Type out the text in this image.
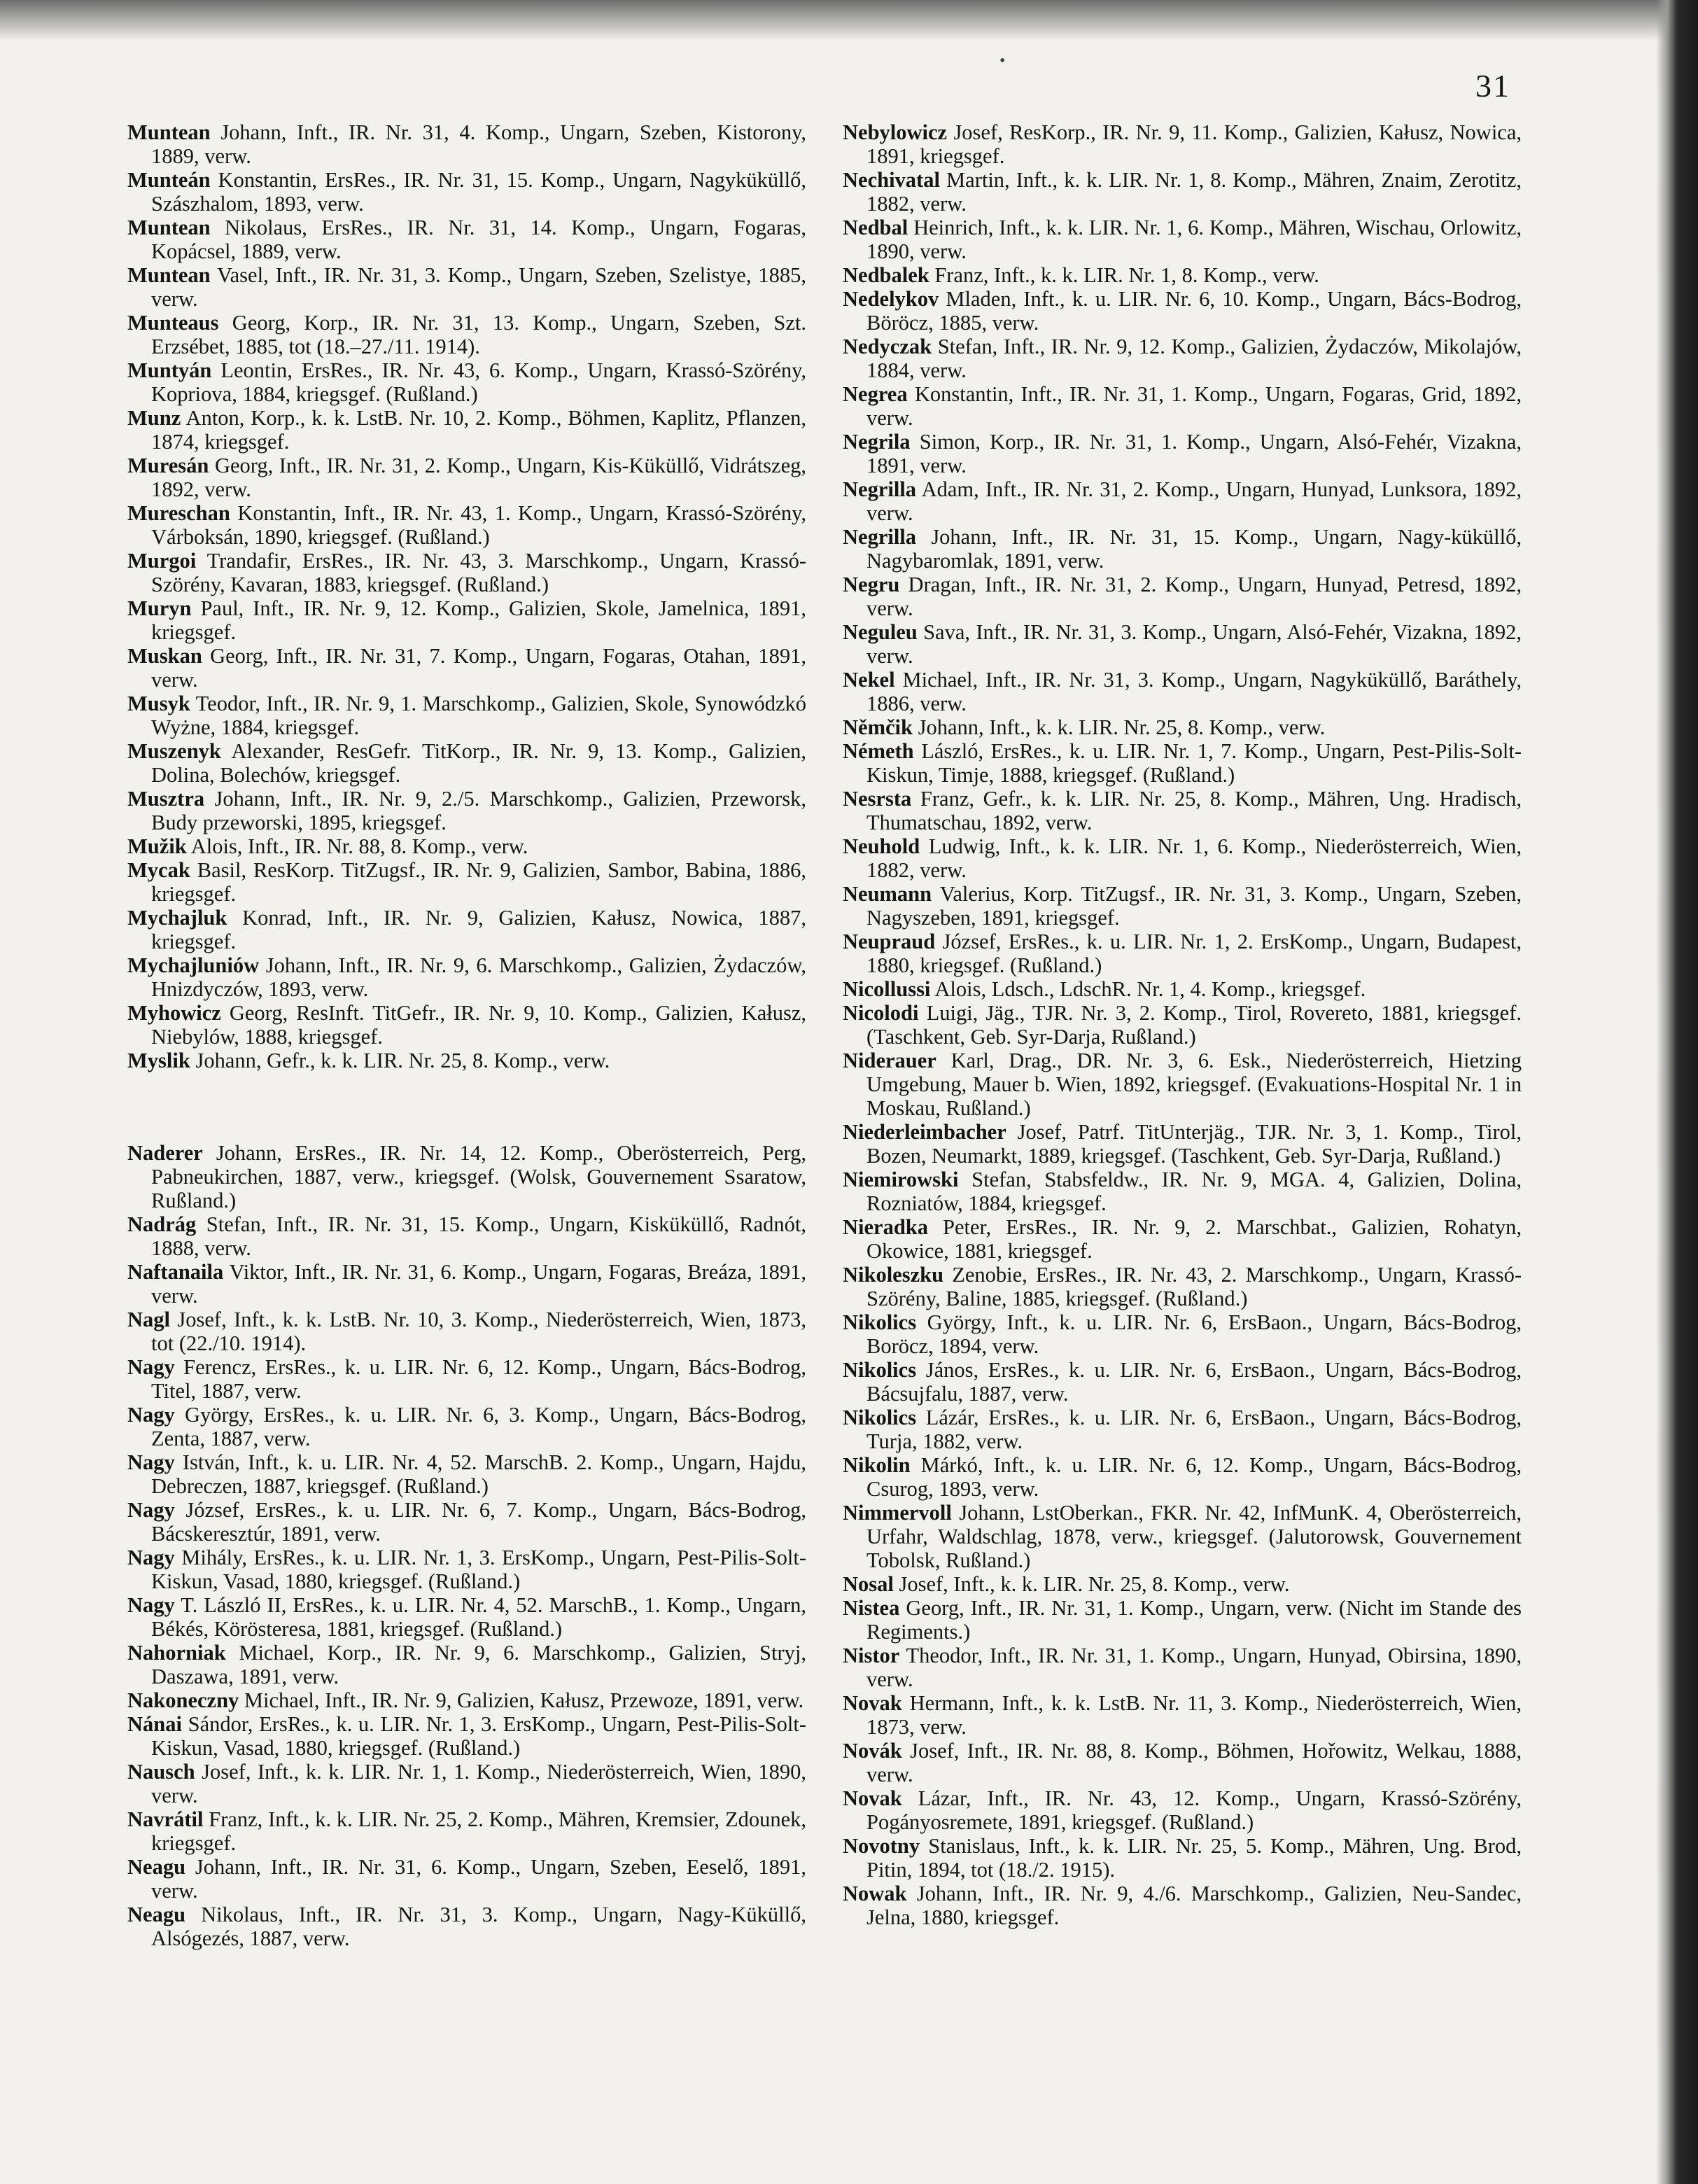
•
31

Muntean Johann, Inft., IR. Nr. 31, 4. Komp., Ungarn, Szeben, Kistorony, 1889, verw.

Munteán Konstantin, ErsRes., IR. Nr. 31, 15. Komp., Ungarn, Nagyküküllő, Szászhalom, 1893, verw.

Muntean Nikolaus, ErsRes., IR. Nr. 31, 14. Komp., Ungarn, Fogaras, Kopácsel, 1889, verw.

Muntean Vasel, Inft., IR. Nr. 31, 3. Komp., Ungarn, Szeben, Szelistye, 1885, verw.

Munteaus Georg, Korp., IR. Nr. 31, 13. Komp., Ungarn, Szeben, Szt. Erzsébet, 1885, tot (18.–27./11. 1914).

Muntyán Leontin, ErsRes., IR. Nr. 43, 6. Komp., Ungarn, Krassó-Szörény, Kopriova, 1884, kriegsgef. (Rußland.)

Munz Anton, Korp., k. k. LstB. Nr. 10, 2. Komp., Böhmen, Kaplitz, Pflanzen, 1874, kriegsgef.

Muresán Georg, Inft., IR. Nr. 31, 2. Komp., Ungarn, Kis-Küküllő, Vidrátszeg, 1892, verw.

Mureschan Konstantin, Inft., IR. Nr. 43, 1. Komp., Ungarn, Krassó-Szörény, Várboksán, 1890, kriegsgef. (Rußland.)

Murgoi Trandafir, ErsRes., IR. Nr. 43, 3. Marschkomp., Ungarn, Krassó-Szörény, Kavaran, 1883, kriegsgef. (Rußland.)

Muryn Paul, Inft., IR. Nr. 9, 12. Komp., Galizien, Skole, Jamelnica, 1891, kriegsgef.

Muskan Georg, Inft., IR. Nr. 31, 7. Komp., Ungarn, Fogaras, Otahan, 1891, verw.

Musyk Teodor, Inft., IR. Nr. 9, 1. Marschkomp., Galizien, Skole, Synowódzkó Wyżne, 1884, kriegsgef.

Muszenyk Alexander, ResGefr. TitKorp., IR. Nr. 9, 13. Komp., Galizien, Dolina, Bolechów, kriegsgef.

Musztra Johann, Inft., IR. Nr. 9, 2./5. Marschkomp., Galizien, Przeworsk, Budy przeworski, 1895, kriegsgef.

Mužik Alois, Inft., IR. Nr. 88, 8. Komp., verw.

Mycak Basil, ResKorp. TitZugsf., IR. Nr. 9, Galizien, Sambor, Babina, 1886, kriegsgef.

Mychajluk Konrad, Inft., IR. Nr. 9, Galizien, Kałusz, Nowica, 1887, kriegsgef.

Mychajluniów Johann, Inft., IR. Nr. 9, 6. Marschkomp., Galizien, Żydaczów, Hnizdyczów, 1893, verw.

Myhowicz Georg, ResInft. TitGefr., IR. Nr. 9, 10. Komp., Galizien, Kałusz, Niebylów, 1888, kriegsgef.

Myslik Johann, Gefr., k. k. LIR. Nr. 25, 8. Komp., verw.

Naderer Johann, ErsRes., IR. Nr. 14, 12. Komp., Oberösterreich, Perg, Pabneukirchen, 1887, verw., kriegsgef. (Wolsk, Gouvernement Ssaratow, Rußland.)

Nadrág Stefan, Inft., IR. Nr. 31, 15. Komp., Ungarn, Kisküküllő, Radnót, 1888, verw.

Naftanaila Viktor, Inft., IR. Nr. 31, 6. Komp., Ungarn, Fogaras, Breáza, 1891, verw.

Nagl Josef, Inft., k. k. LstB. Nr. 10, 3. Komp., Niederösterreich, Wien, 1873, tot (22./10. 1914).

Nagy Ferencz, ErsRes., k. u. LIR. Nr. 6, 12. Komp., Ungarn, Bács-Bodrog, Titel, 1887, verw.

Nagy György, ErsRes., k. u. LIR. Nr. 6, 3. Komp., Ungarn, Bács-Bodrog, Zenta, 1887, verw.

Nagy István, Inft., k. u. LIR. Nr. 4, 52. MarschB. 2. Komp., Ungarn, Hajdu, Debreczen, 1887, kriegsgef. (Rußland.)

Nagy József, ErsRes., k. u. LIR. Nr. 6, 7. Komp., Ungarn, Bács-Bodrog, Bácskeresztúr, 1891, verw.

Nagy Mihály, ErsRes., k. u. LIR. Nr. 1, 3. ErsKomp., Ungarn, Pest-Pilis-Solt-Kiskun, Vasad, 1880, kriegsgef. (Rußland.)

Nagy T. László II, ErsRes., k. u. LIR. Nr. 4, 52. MarschB., 1. Komp., Ungarn, Békés, Körösteresa, 1881, kriegsgef. (Rußland.)

Nahorniak Michael, Korp., IR. Nr. 9, 6. Marschkomp., Galizien, Stryj, Daszawa, 1891, verw.

Nakonecznу Michael, Inft., IR. Nr. 9, Galizien, Kałusz, Przewoze, 1891, verw.

Nánai Sándor, ErsRes., k. u. LIR. Nr. 1, 3. ErsKomp., Ungarn, Pest-Pilis-Solt-Kiskun, Vasad, 1880, kriegsgef. (Rußland.)

Nausch Josef, Inft., k. k. LIR. Nr. 1, 1. Komp., Niederösterreich, Wien, 1890, verw.

Navrátil Franz, Inft., k. k. LIR. Nr. 25, 2. Komp., Mähren, Kremsier, Zdounek, kriegsgef.

Neagu Johann, Inft., IR. Nr. 31, 6. Komp., Ungarn, Szeben, Eeselő, 1891, verw.

Neagu Nikolaus, Inft., IR. Nr. 31, 3. Komp., Ungarn, Nagy-Küküllő, Alsógezés, 1887, verw.

Nebylowicz Josef, ResKorp., IR. Nr. 9, 11. Komp., Galizien, Kałusz, Nowica, 1891, kriegsgef.

Nechivatal Martin, Inft., k. k. LIR. Nr. 1, 8. Komp., Mähren, Znaim, Zerotitz, 1882, verw.

Nedbal Heinrich, Inft., k. k. LIR. Nr. 1, 6. Komp., Mähren, Wischau, Orlowitz, 1890, verw.

Nedbalek Franz, Inft., k. k. LIR. Nr. 1, 8. Komp., verw.

Nedelykov Mladen, Inft., k. u. LIR. Nr. 6, 10. Komp., Ungarn, Bács-Bodrog, Böröcz, 1885, verw.

Nedyczak Stefan, Inft., IR. Nr. 9, 12. Komp., Galizien, Żydaczów, Mikolajów, 1884, verw.

Negrea Konstantin, Inft., IR. Nr. 31, 1. Komp., Ungarn, Fogaras, Grid, 1892, verw.

Negrila Simon, Korp., IR. Nr. 31, 1. Komp., Ungarn, Alsó-Fehér, Vizakna, 1891, verw.

Negrilla Adam, Inft., IR. Nr. 31, 2. Komp., Ungarn, Hunyad, Lunksora, 1892, verw.

Negrilla Johann, Inft., IR. Nr. 31, 15. Komp., Ungarn, Nagy-küküllő, Nagybaromlak, 1891, verw.

Negru Dragan, Inft., IR. Nr. 31, 2. Komp., Ungarn, Hunyad, Petresd, 1892, verw.

Neguleu Sava, Inft., IR. Nr. 31, 3. Komp., Ungarn, Alsó-Fehér, Vizakna, 1892, verw.

Nekel Michael, Inft., IR. Nr. 31, 3. Komp., Ungarn, Nagyküküllő, Baráthely, 1886, verw.

Němčik Johann, Inft., k. k. LIR. Nr. 25, 8. Komp., verw.

Németh László, ErsRes., k. u. LIR. Nr. 1, 7. Komp., Ungarn, Pest-Pilis-Solt-Kiskun, Timje, 1888, kriegsgef. (Rußland.)

Nesrsta Franz, Gefr., k. k. LIR. Nr. 25, 8. Komp., Mähren, Ung. Hradisch, Thumatschau, 1892, verw.

Neuhold Ludwig, Inft., k. k. LIR. Nr. 1, 6. Komp., Niederösterreich, Wien, 1882, verw.

Neumann Valerius, Korp. TitZugsf., IR. Nr. 31, 3. Komp., Ungarn, Szeben, Nagyszeben, 1891, kriegsgef.

Neupraud József, ErsRes., k. u. LIR. Nr. 1, 2. ErsKomp., Ungarn, Budapest, 1880, kriegsgef. (Rußland.)

Nicollussi Alois, Ldsch., LdschR. Nr. 1, 4. Komp., kriegsgef.

Nicolodi Luigi, Jäg., TJR. Nr. 3, 2. Komp., Tirol, Rovereto, 1881, kriegsgef. (Taschkent, Geb. Syr-Darja, Rußland.)

Niderauer Karl, Drag., DR. Nr. 3, 6. Esk., Niederösterreich, Hietzing Umgebung, Mauer b. Wien, 1892, kriegsgef. (Evakuations-Hospital Nr. 1 in Moskau, Rußland.)

Niederleimbacher Josef, Patrf. TitUnterjäg., TJR. Nr. 3, 1. Komp., Tirol, Bozen, Neumarkt, 1889, kriegsgef. (Taschkent, Geb. Syr-Darja, Rußland.)

Niemirowski Stefan, Stabsfeldw., IR. Nr. 9, MGA. 4, Galizien, Dolina, Rozniatów, 1884, kriegsgef.

Nieradka Peter, ErsRes., IR. Nr. 9, 2. Marschbat., Galizien, Rohatyn, Okowice, 1881, kriegsgef.

Nikoleszku Zenobie, ErsRes., IR. Nr. 43, 2. Marschkomp., Ungarn, Krassó-Szörény, Baline, 1885, kriegsgef. (Rußland.)

Nikolics György, Inft., k. u. LIR. Nr. 6, ErsBaon., Ungarn, Bács-Bodrog, Boröcz, 1894, verw.

Nikolics János, ErsRes., k. u. LIR. Nr. 6, ErsBaon., Ungarn, Bács-Bodrog, Bácsujfalu, 1887, verw.

Nikolics Lázár, ErsRes., k. u. LIR. Nr. 6, ErsBaon., Ungarn, Bács-Bodrog, Turja, 1882, verw.

Nikolin Márkó, Inft., k. u. LIR. Nr. 6, 12. Komp., Ungarn, Bács-Bodrog, Csurog, 1893, verw.

Nimmervoll Johann, LstOberkan., FKR. Nr. 42, InfMunK. 4, Oberösterreich, Urfahr, Waldschlag, 1878, verw., kriegsgef. (Jalutorowsk, Gouvernement Tobolsk, Rußland.)

Nosal Josef, Inft., k. k. LIR. Nr. 25, 8. Komp., verw.

Nistea Georg, Inft., IR. Nr. 31, 1. Komp., Ungarn, verw. (Nicht im Stande des Regiments.)

Nistor Theodor, Inft., IR. Nr. 31, 1. Komp., Ungarn, Hunyad, Obirsina, 1890, verw.

Novak Hermann, Inft., k. k. LstB. Nr. 11, 3. Komp., Niederösterreich, Wien, 1873, verw.

Novák Josef, Inft., IR. Nr. 88, 8. Komp., Böhmen, Hořowitz, Welkau, 1888, verw.

Novak Lázar, Inft., IR. Nr. 43, 12. Komp., Ungarn, Krassó-Szörény, Pogányosremete, 1891, kriegsgef. (Rußland.)

Novotny Stanislaus, Inft., k. k. LIR. Nr. 25, 5. Komp., Mähren, Ung. Brod, Pitin, 1894, tot (18./2. 1915).

Nowak Johann, Inft., IR. Nr. 9, 4./6. Marschkomp., Galizien, Neu-Sandec, Jelna, 1880, kriegsgef.
